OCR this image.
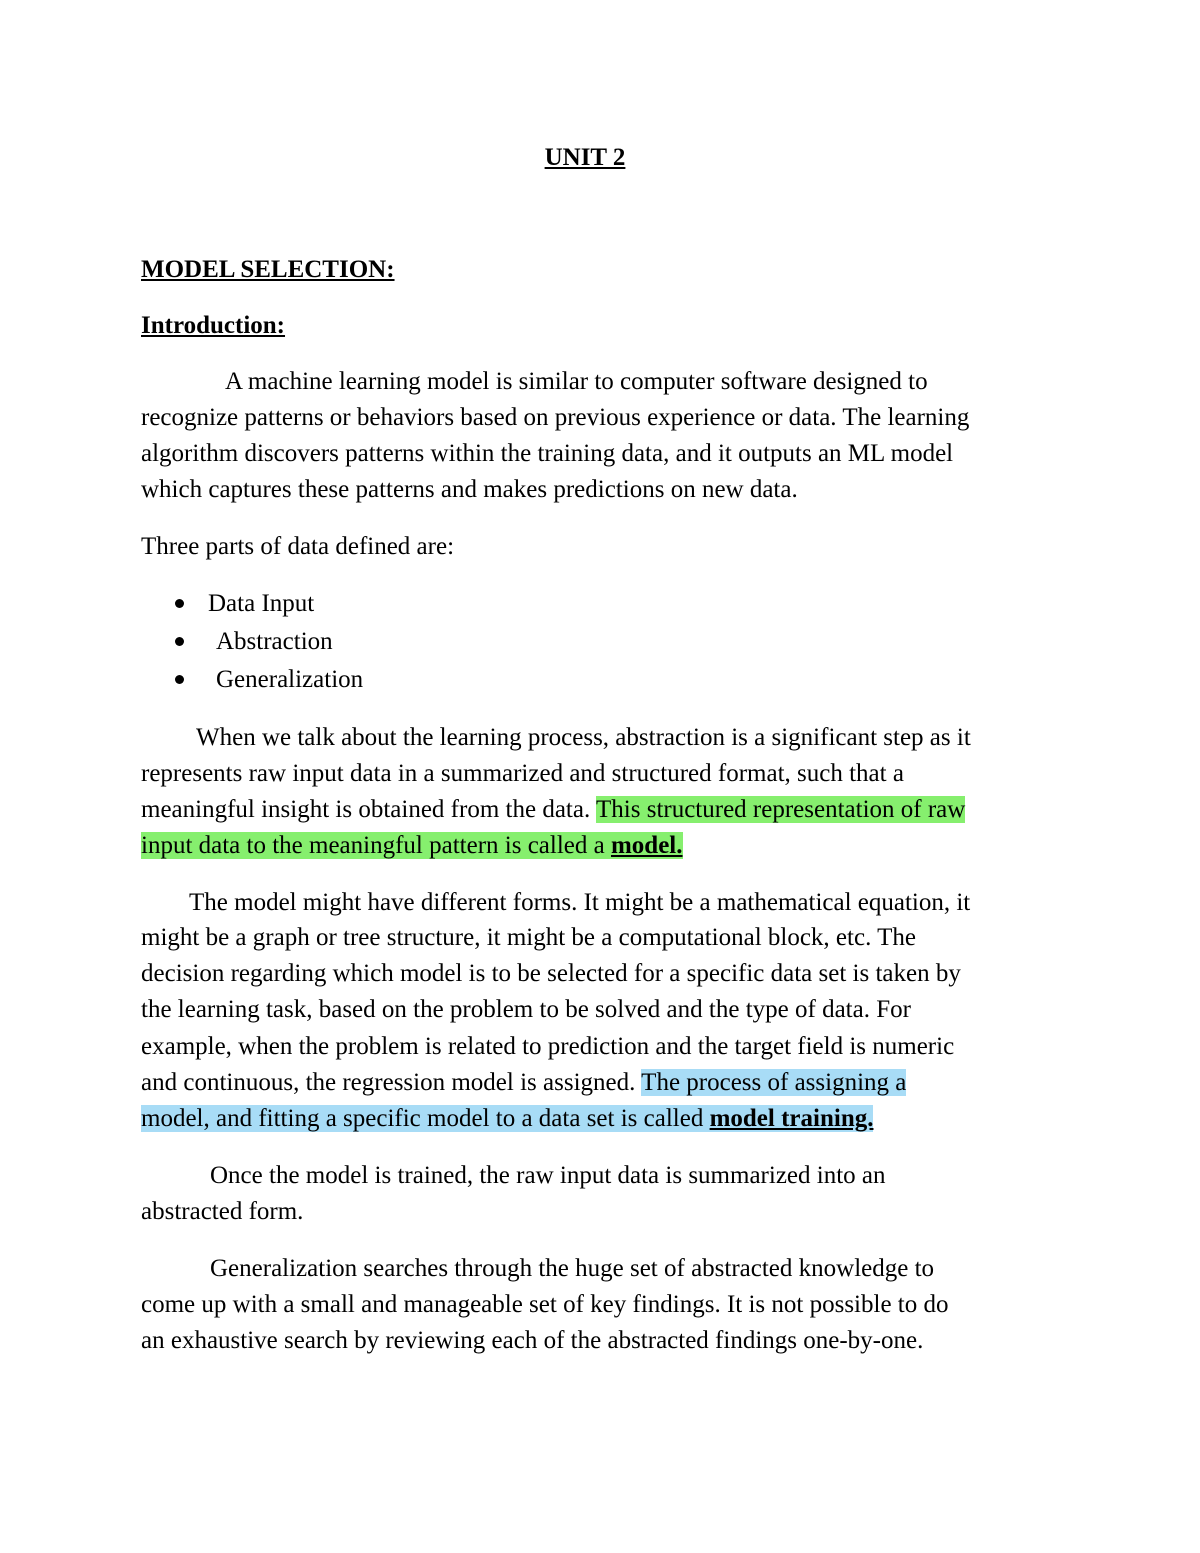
UNIT 2
MODEL SELECTION:
Introduction:
A machine learning model is similar to computer software designed to
recognize patterns or behaviors based on previous experience or data. The learning
algorithm discovers patterns within the training data, and it outputs an ML model
which captures these patterns and makes predictions on new data.
Three parts of data defined are:
Data Input
Abstraction
Generalization
When we talk about the learning process, abstraction is a significant step as it
represents raw input data in a summarized and structured format, such that a
meaningful insight is obtained from the data. This structured representation of raw
input data to the meaningful pattern is called a model.
The model might have different forms. It might be a mathematical equation, it
might be a graph or tree structure, it might be a computational block, etc. The
decision regarding which model is to be selected for a specific data set is taken by
the learning task, based on the problem to be solved and the type of data. For
example, when the problem is related to prediction and the target field is numeric
and continuous, the regression model is assigned. The process of assigning a
model, and fitting a specific model to a data set is called model training.
Once the model is trained, the raw input data is summarized into an
abstracted form.
Generalization searches through the huge set of abstracted knowledge to
come up with a small and manageable set of key findings. It is not possible to do
an exhaustive search by reviewing each of the abstracted findings one-by-one.
